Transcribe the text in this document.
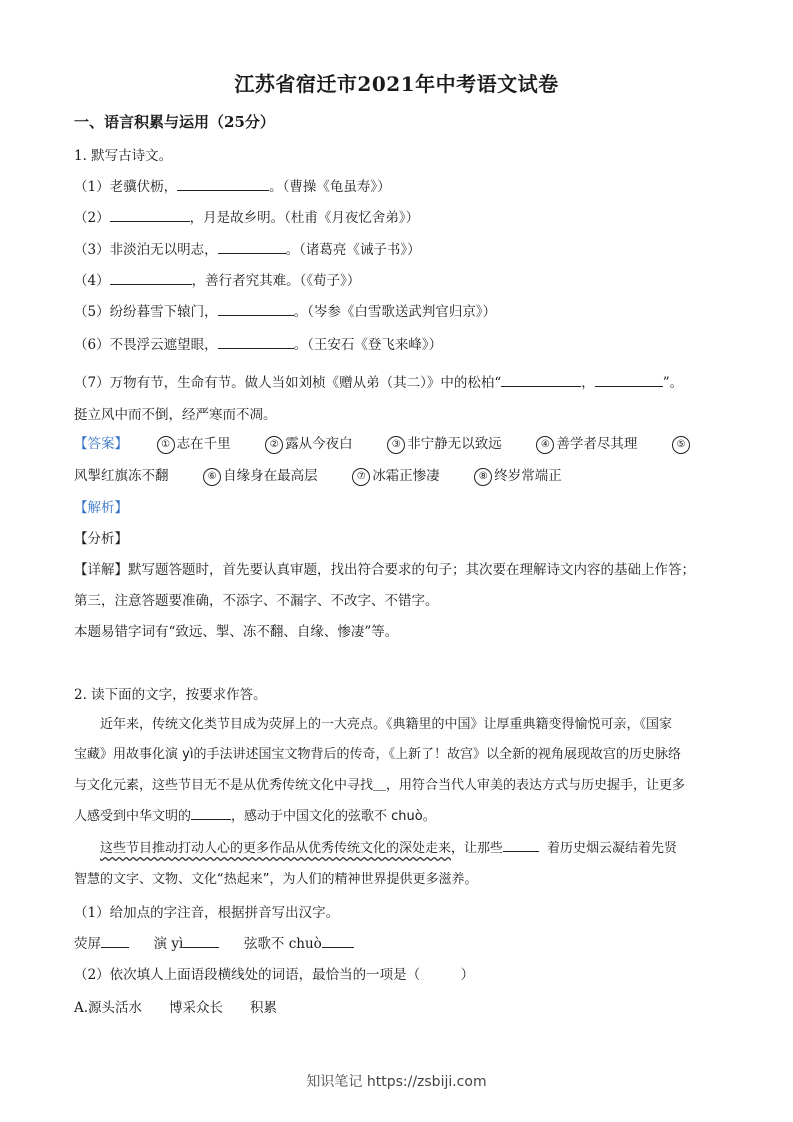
江苏省宿迁市2021年中考语文试卷
一、语言积累与运用（25分）
1. 默写古诗文。
（1）老骥伏枥，	。（曹操《龟虽寿》）
（2）	，月是故乡明。（杜甫《月夜忆舍弟》）
（3）非淡泊无以明志，	。（诸葛亮《诫子书》）
（4）	，善行者究其难。（《荀子》）
（5）纷纷暮雪下辕门，	。（岑参《白雪歌送武判官归京》）
（6）不畏浮云遮望眼，	。（王安石《登飞来峰》）
（7）万物有节，生命有节。做人当如刘桢《赠从弟（其二）》中的松柏“	，	”。
挺立风中而不倒，经严寒而不凋。
【答案】	① 志在千里	② 露从今夜白	③ 非宁静无以致远	④ 善学者尽其理	⑤
风掣红旗冻不翻	⑥ 自缘身在最高层	⑦ 冰霜正惨凄	⑧ 终岁常端正
【解析】
【分析】
【详解】默写题答题时，首先要认真审题，找出符合要求的句子；其次要在理解诗文内容的基础上作答；
第三，注意答题要准确，不添字、不漏字、不改字、不错字。
本题易错字词有“致远、掣、冻不翻、自缘、惨凄”等。
2. 读下面的文字，按要求作答。
近年来，传统文化类节目成为荧屏上的一大亮点。《典籍里的中国》让厚重典籍变得愉悦可亲，《国家
宝藏》用故事化演 yì的手法讲述国宝文物背后的传奇，《上新了！故宫》以全新的视角展现故宫的历史脉络
与文化元素，这些节目无不是从优秀传统文化中寻找＿，用符合当代人审美的表达方式与历史握手，让更多
人感受到中华文明的	，感动于中国文化的弦歌不 chuò。
这些节目推动打动人心的更多作品从优秀传统文化的深处走来，让那些	着历史烟云凝结着先贤
智慧的文字、文物、文化“热起来”，为人们的精神世界提供更多滋养。
（1）给加点的字注音，根据拼音写出汉字。
荧屏	演 yì	弦歌不 chuò
（2）依次填人上面语段横线处的词语，最恰当的一项是（　　　）
A.源头活水　　博采众长　　积累
知识笔记 https://zsbiji.com
